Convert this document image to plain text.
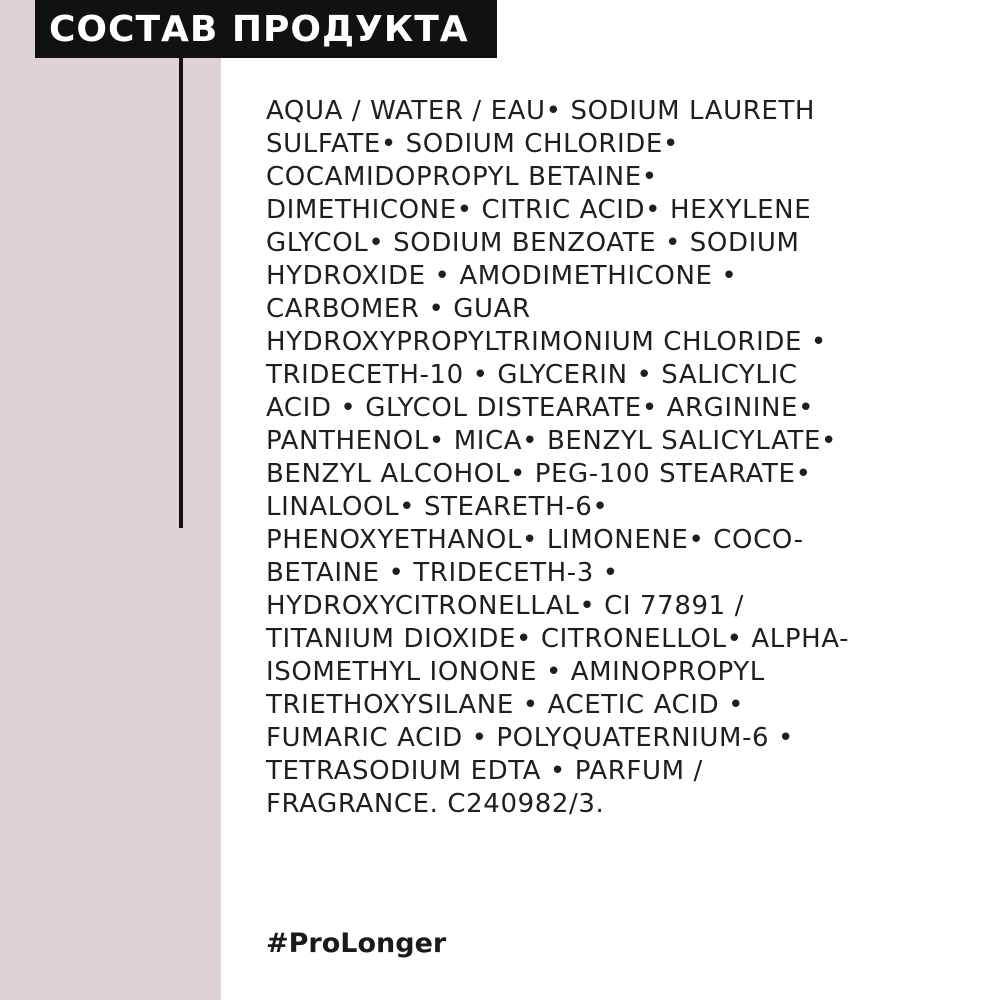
СОСТАВ ПРОДУКТА
AQUA / WATER / EAU• SODIUM LAURETH
SULFATE• SODIUM CHLORIDE•
COCAMIDOPROPYL BETAINE•
DIMETHICONE• CITRIC ACID• HEXYLENE
GLYCOL• SODIUM BENZOATE • SODIUM
HYDROXIDE • AMODIMETHICONE •
CARBOMER • GUAR
HYDROXYPROPYLTRIMONIUM CHLORIDE •
TRIDECETH-10 • GLYCERIN • SALICYLIC
ACID • GLYCOL DISTEARATE• ARGININE•
PANTHENOL• MICA• BENZYL SALICYLATE•
BENZYL ALCOHOL• PEG-100 STEARATE•
LINALOOL• STEARETH-6•
PHENOXYETHANOL• LIMONENE• COCO-
BETAINE • TRIDECETH-3 •
HYDROXYCITRONELLAL• CI 77891 /
TITANIUM DIOXIDE• CITRONELLOL• ALPHA-
ISOMETHYL IONONE • AMINOPROPYL
TRIETHOXYSILANE • ACETIC ACID •
FUMARIC ACID • POLYQUATERNIUM-6 •
TETRASODIUM EDTA • PARFUM /
FRAGRANCE. C240982/3.
#ProLonger
